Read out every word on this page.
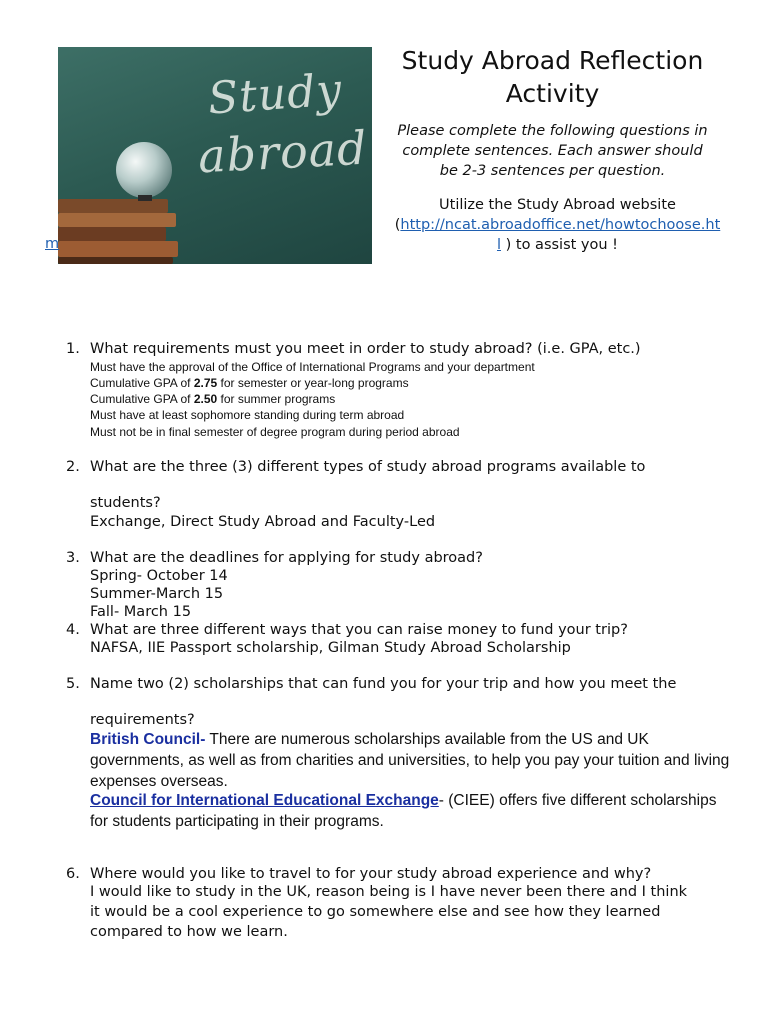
Study
abroad
m
Study Abroad Reflection
Activity
Please complete the following questions in
complete sentences. Each answer should
be 2-3 sentences per question.
Utilize the Study Abroad website
(http://ncat.abroadoffice.net/howtochoose.ht
l ) to assist you !
1. What requirements must you meet in order to study abroad? (i.e. GPA, etc.)
Must have the approval of the Office of International Programs and your department
Cumulative GPA of 2.75 for semester or year-long programs
Cumulative GPA of 2.50 for summer programs
Must have at least sophomore standing during term abroad
Must not be in final semester of degree program during period abroad
2. What are the three (3) different types of study abroad programs available to
students?
Exchange, Direct Study Abroad and Faculty-Led
3. What are the deadlines for applying for study abroad?
Spring- October 14
Summer-March 15
Fall- March 15
4. What are three different ways that you can raise money to fund your trip?
NAFSA, IIE Passport scholarship, Gilman Study Abroad Scholarship
5. Name two (2) scholarships that can fund you for your trip and how you meet the
requirements?
British Council- There are numerous scholarships available from the US and UK governments, as well as from charities and universities, to help you pay your tuition and living expenses overseas.
Council for International Educational Exchange- (CIEE) offers five different scholarships for students participating in their programs.
6. Where would you like to travel to for your study abroad experience and why?
I would like to study in the UK, reason being is I have never been there and I think
it would be a cool experience to go somewhere else and see how they learned
compared to how we learn.
